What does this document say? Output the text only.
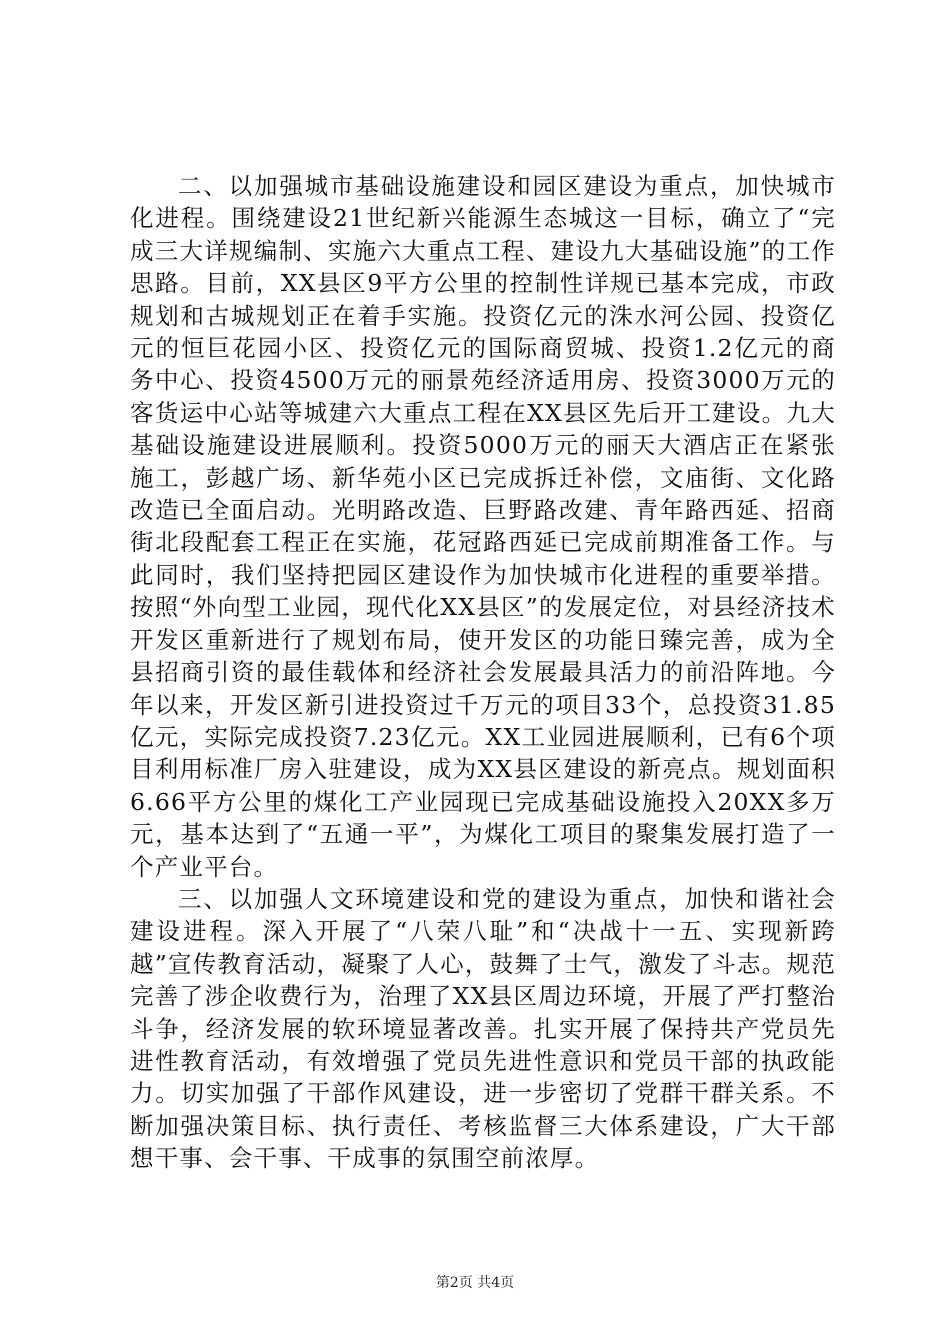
二、以加强城市基础设施建设和园区建设为重点，加快城市化进程。围绕建设21世纪新兴能源生态城这一目标，确立了“完成三大详规编制、实施六大重点工程、建设九大基础设施”的工作思路。目前，XX县区9平方公里的控制性详规已基本完成，市政规划和古城规划正在着手实施。投资亿元的洙水河公园、投资亿元的恒巨花园小区、投资亿元的国际商贸城、投资1.2亿元的商务中心、投资4500万元的丽景苑经济适用房、投资3000万元的客货运中心站等城建六大重点工程在XX县区先后开工建设。九大基础设施建设进展顺利。投资5000万元的丽天大酒店正在紧张施工，彭越广场、新华苑小区已完成拆迁补偿，文庙街、文化路改造已全面启动。光明路改造、巨野路改建、青年路西延、招商街北段配套工程正在实施，花冠路西延已完成前期准备工作。与此同时，我们坚持把园区建设作为加快城市化进程的重要举措。按照“外向型工业园，现代化XX县区”的发展定位，对县经济技术开发区重新进行了规划布局，使开发区的功能日臻完善，成为全县招商引资的最佳载体和经济社会发展最具活力的前沿阵地。今年以来，开发区新引进投资过千万元的项目33个，总投资31.85亿元，实际完成投资7.23亿元。XX工业园进展顺利，已有6个项目利用标准厂房入驻建设，成为XX县区建设的新亮点。规划面积6.66平方公里的煤化工产业园现已完成基础设施投入20XX多万元，基本达到了“五通一平”，为煤化工项目的聚集发展打造了一个产业平台。

三、以加强人文环境建设和党的建设为重点，加快和谐社会建设进程。深入开展了“八荣八耻”和“决战十一五、实现新跨越”宣传教育活动，凝聚了人心，鼓舞了士气，激发了斗志。规范完善了涉企收费行为，治理了XX县区周边环境，开展了严打整治斗争，经济发展的软环境显著改善。扎实开展了保持共产党员先进性教育活动，有效增强了党员先进性意识和党员干部的执政能力。切实加强了干部作风建设，进一步密切了党群干群关系。不断加强决策目标、执行责任、考核监督三大体系建设，广大干部想干事、会干事、干成事的氛围空前浓厚。

第2页 共4页
